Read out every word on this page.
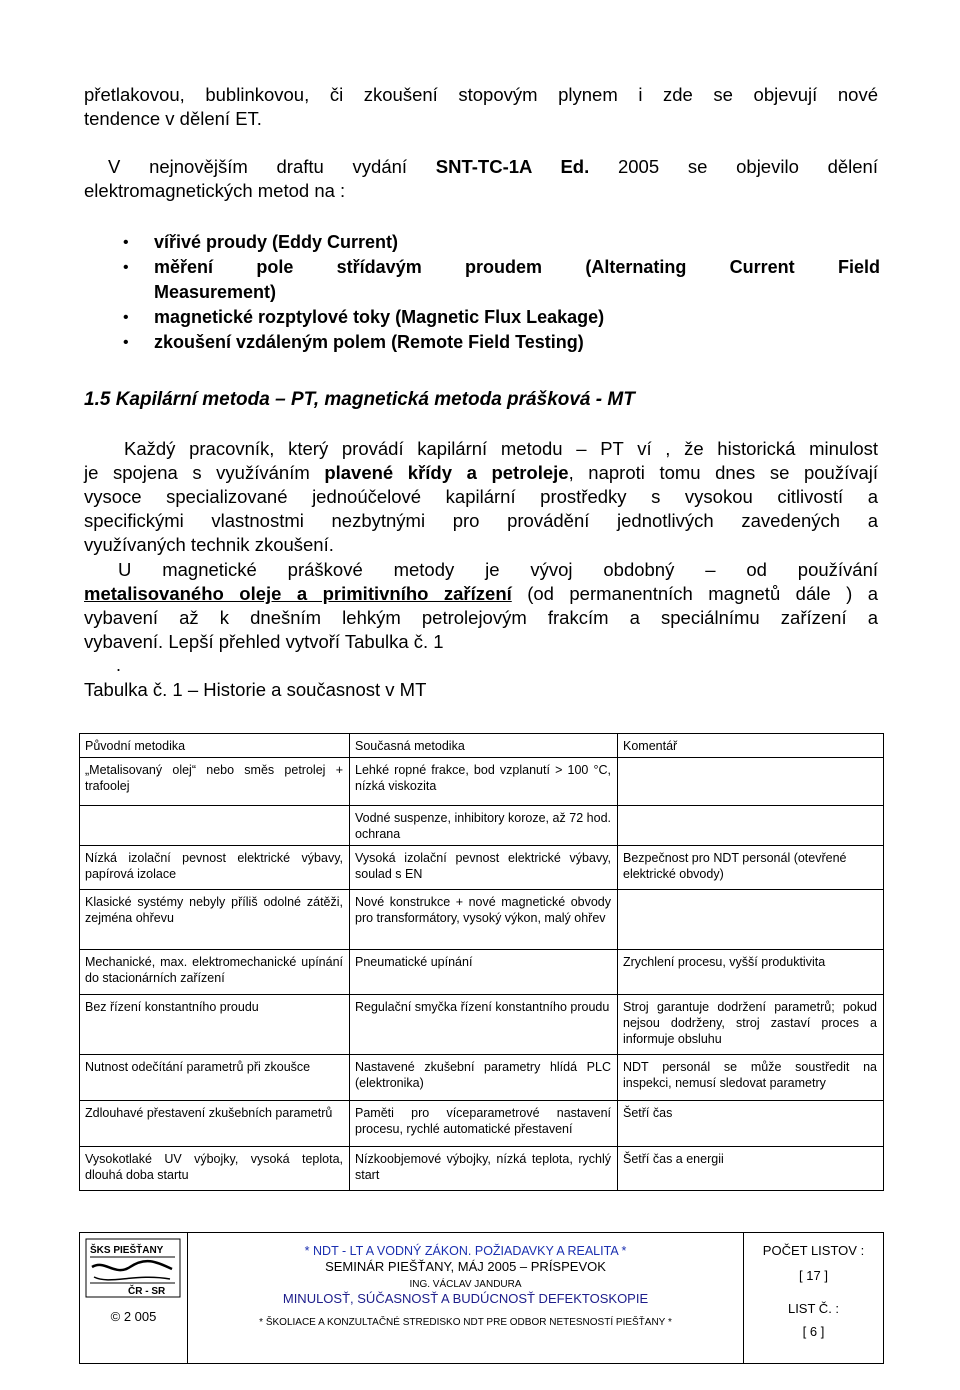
přetlakovou, bublinkovou, či zkoušení stopovým plynem i zde se objevují nové
tendence v dělení ET.
V nejnovějším draftu vydání SNT-TC-1A Ed. 2005 se objevilo dělení
elektromagnetických metod na :
• vířivé proudy (Eddy Current)
• měření pole střídavým proudem (Alternating Current Field
Measurement)
• magnetické rozptylové toky (Magnetic Flux Leakage)
• zkoušení vzdáleným polem (Remote Field Testing)
1.5 Kapilární metoda – PT, magnetická metoda prášková - MT
Každý pracovník, který provádí kapilární metodu – PT ví , že historická minulost
je spojena s využíváním plavené křídy a petroleje, naproti tomu dnes se používají
vysoce specializované jednoúčelové kapilární prostředky s vysokou citlivostí a
specifickými vlastnostmi nezbytnými pro provádění jednotlivých zavedených a
využívaných technik zkoušení.
U magnetické práškové metody je vývoj obdobný – od používání
metalisovaného oleje a primitivního zařízení (od permanentních magnetů dále ) a
vybavení až k dnešním lehkým petrolejovým frakcím a speciálnímu zařízení a
vybavení. Lepší přehled vytvoří Tabulka č. 1
.
Tabulka č. 1 – Historie a současnost v MT
Původní metodika	Současná metodika	Komentář
„Metalisovaný olej“ nebo směs petrolej + trafoolej	Lehké ropné frakce, bod vzplanutí > 100 °C, nízká viskozita	
	Vodné suspenze, inhibitory koroze, až 72 hod. ochrana	
Nízká izolační pevnost elektrické výbavy, papírová izolace	Vysoká izolační pevnost elektrické výbavy, soulad s EN	Bezpečnost pro NDT personál (otevřené elektrické obvody)
Klasické systémy nebyly příliš odolné zátěži, zejména ohřevu	Nové konstrukce + nové magnetické obvody pro transformátory, vysoký výkon, malý ohřev	
Mechanické, max. elektromechanické upínání do stacionárních zařízení	Pneumatické upínání	Zrychlení procesu, vyšší produktivita
Bez řízení konstantního proudu	Regulační smyčka řízení konstantního proudu	Stroj garantuje dodržení parametrů; pokud nejsou dodrženy, stroj zastaví proces a informuje obsluhu
Nutnost odečítání parametrů při zkoušce	Nastavené zkušební parametry hlídá PLC (elektronika)	NDT personál se může soustředit na inspekci, nemusí sledovat parametry
Zdlouhavé přestavení zkušebních parametrů	Paměti pro víceparametrové nastavení procesu, rychlé automatické přestavení	Šetří čas
Vysokotlaké UV výbojky, vysoká teplota, dlouhá doba startu	Nízkoobjemové výbojky, nízká teplota, rychlý start	Šetří čas a energii
ŠKS PIEŠŤANY
ČR - SR
© 2 005

* NDT - LT A VODNÝ ZÁKON. POŽIADAVKY A REALITA *
SEMINÁR PIEŠŤANY, MÁJ 2005 – PRÍSPEVOK
ING. VÁCLAV JANDURA
MINULOSŤ, SÚČASNOSŤ A BUDÚCNOSŤ DEFEKTOSKOPIE
* ŠKOLIACE A KONZULTAČNÉ STREDISKO NDT PRE ODBOR NETESNOSTÍ PIEŠŤANY *

POČET LISTOV :
[ 17 ]
LIST Č. :
[ 6 ]
